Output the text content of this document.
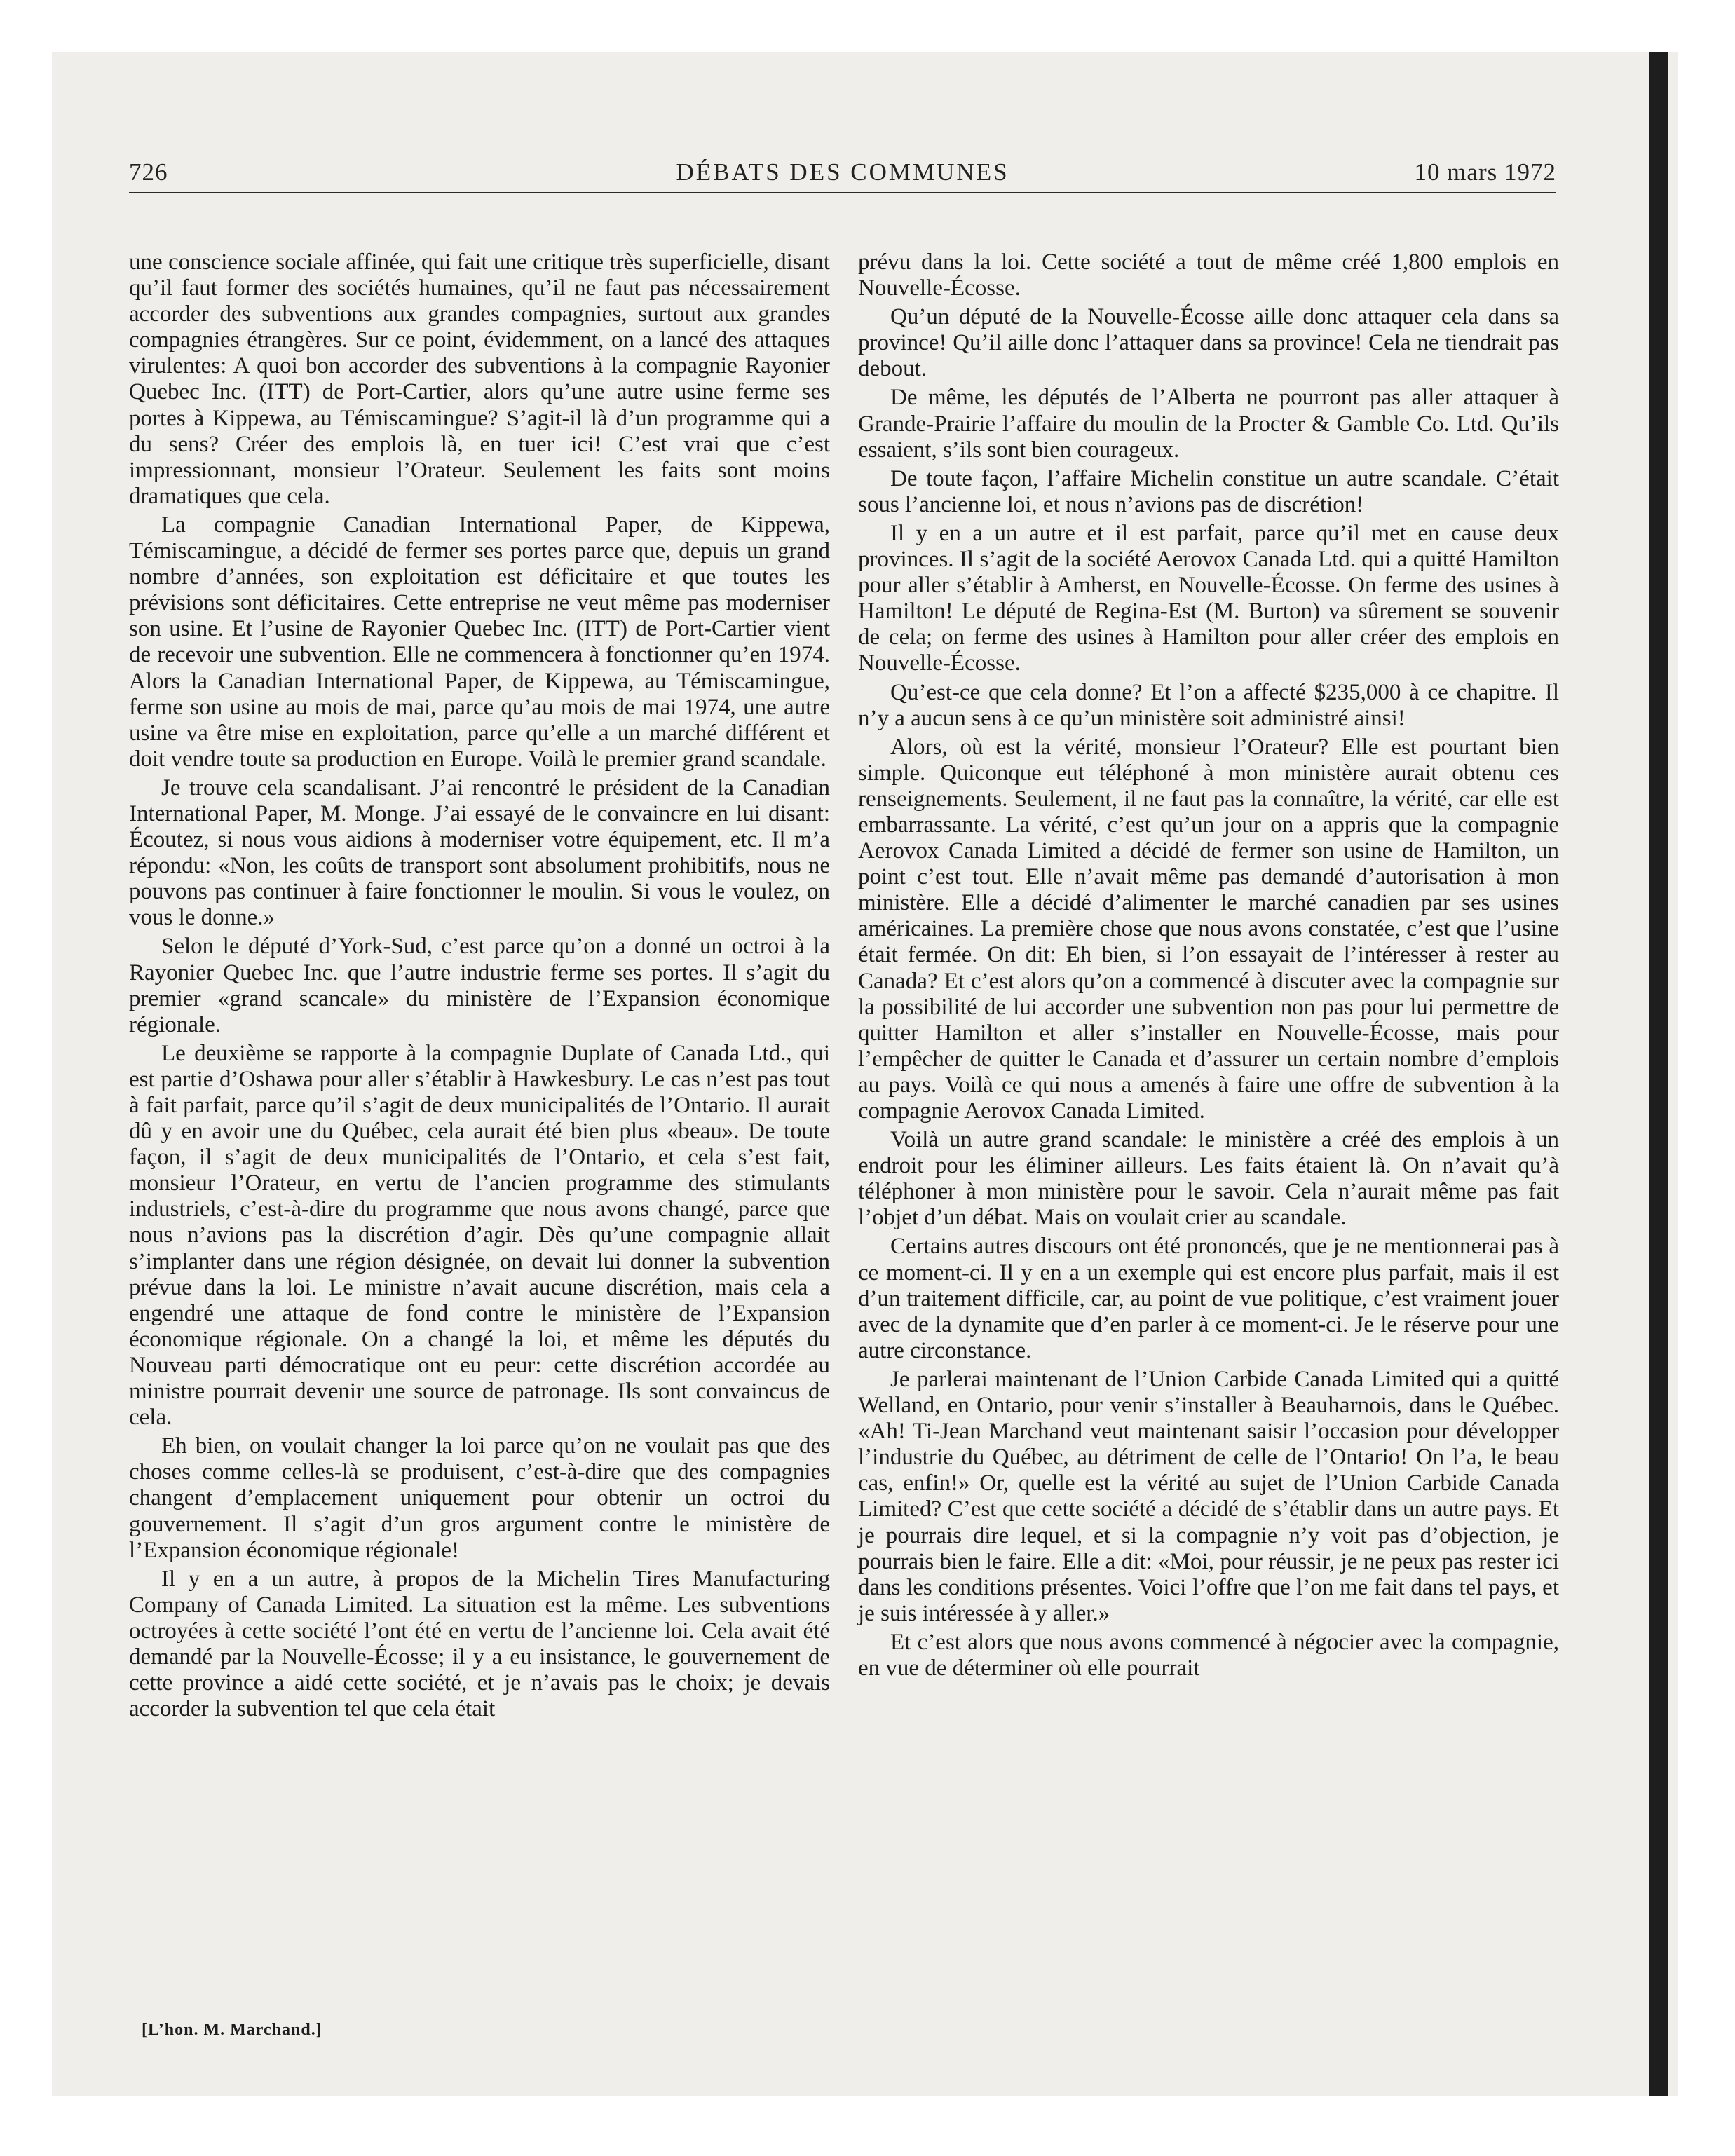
726	DÉBATS DES COMMUNES	10 mars 1972

une conscience sociale affinée, qui fait une critique très superficielle, disant qu’il faut former des sociétés humaines, qu’il ne faut pas nécessairement accorder des subventions aux grandes compagnies, surtout aux grandes compagnies étrangères. Sur ce point, évidemment, on a lancé des attaques virulentes: A quoi bon accorder des subventions à la compagnie Rayonier Quebec Inc. (ITT) de Port-Cartier, alors qu’une autre usine ferme ses portes à Kippewa, au Témiscamingue? S’agit-il là d’un programme qui a du sens? Créer des emplois là, en tuer ici! C’est vrai que c’est impressionnant, monsieur l’Orateur. Seulement les faits sont moins dramatiques que cela.

La compagnie Canadian International Paper, de Kippewa, Témiscamingue, a décidé de fermer ses portes parce que, depuis un grand nombre d’années, son exploitation est déficitaire et que toutes les prévisions sont déficitaires. Cette entreprise ne veut même pas moderniser son usine. Et l’usine de Rayonier Quebec Inc. (ITT) de Port-Cartier vient de recevoir une subvention. Elle ne commencera à fonctionner qu’en 1974. Alors la Canadian International Paper, de Kippewa, au Témiscamingue, ferme son usine au mois de mai, parce qu’au mois de mai 1974, une autre usine va être mise en exploitation, parce qu’elle a un marché différent et doit vendre toute sa production en Europe. Voilà le premier grand scandale.

Je trouve cela scandalisant. J’ai rencontré le président de la Canadian International Paper, M. Monge. J’ai essayé de le convaincre en lui disant: Écoutez, si nous vous aidions à moderniser votre équipement, etc. Il m’a répondu: «Non, les coûts de transport sont absolument prohibitifs, nous ne pouvons pas continuer à faire fonctionner le moulin. Si vous le voulez, on vous le donne.»

Selon le député d’York-Sud, c’est parce qu’on a donné un octroi à la Rayonier Quebec Inc. que l’autre industrie ferme ses portes. Il s’agit du premier «grand scancale» du ministère de l’Expansion économique régionale.

Le deuxième se rapporte à la compagnie Duplate of Canada Ltd., qui est partie d’Oshawa pour aller s’établir à Hawkesbury. Le cas n’est pas tout à fait parfait, parce qu’il s’agit de deux municipalités de l’Ontario. Il aurait dû y en avoir une du Québec, cela aurait été bien plus «beau». De toute façon, il s’agit de deux municipalités de l’Ontario, et cela s’est fait, monsieur l’Orateur, en vertu de l’ancien programme des stimulants industriels, c’est-à-dire du programme que nous avons changé, parce que nous n’avions pas la discrétion d’agir. Dès qu’une compagnie allait s’implanter dans une région désignée, on devait lui donner la subvention prévue dans la loi. Le ministre n’avait aucune discrétion, mais cela a engendré une attaque de fond contre le ministère de l’Expansion économique régionale. On a changé la loi, et même les députés du Nouveau parti démocratique ont eu peur: cette discrétion accordée au ministre pourrait devenir une source de patronage. Ils sont convaincus de cela.

Eh bien, on voulait changer la loi parce qu’on ne voulait pas que des choses comme celles-là se produisent, c’est-à-dire que des compagnies changent d’emplacement uniquement pour obtenir un octroi du gouvernement. Il s’agit d’un gros argument contre le ministère de l’Expansion économique régionale!

Il y en a un autre, à propos de la Michelin Tires Manufacturing Company of Canada Limited. La situation est la même. Les subventions octroyées à cette société l’ont été en vertu de l’ancienne loi. Cela avait été demandé par la Nouvelle-Écosse; il y a eu insistance, le gouvernement de cette province a aidé cette société, et je n’avais pas le choix; je devais accorder la subvention tel que cela était

prévu dans la loi. Cette société a tout de même créé 1,800 emplois en Nouvelle-Écosse.

Qu’un député de la Nouvelle-Écosse aille donc attaquer cela dans sa province! Qu’il aille donc l’attaquer dans sa province! Cela ne tiendrait pas debout.

De même, les députés de l’Alberta ne pourront pas aller attaquer à Grande-Prairie l’affaire du moulin de la Procter & Gamble Co. Ltd. Qu’ils essaient, s’ils sont bien courageux.

De toute façon, l’affaire Michelin constitue un autre scandale. C’était sous l’ancienne loi, et nous n’avions pas de discrétion!

Il y en a un autre et il est parfait, parce qu’il met en cause deux provinces. Il s’agit de la société Aerovox Canada Ltd. qui a quitté Hamilton pour aller s’établir à Amherst, en Nouvelle-Écosse. On ferme des usines à Hamilton! Le député de Regina-Est (M. Burton) va sûrement se souvenir de cela; on ferme des usines à Hamilton pour aller créer des emplois en Nouvelle-Écosse.

Qu’est-ce que cela donne? Et l’on a affecté $235,000 à ce chapitre. Il n’y a aucun sens à ce qu’un ministère soit administré ainsi!

Alors, où est la vérité, monsieur l’Orateur? Elle est pourtant bien simple. Quiconque eut téléphoné à mon ministère aurait obtenu ces renseignements. Seulement, il ne faut pas la connaître, la vérité, car elle est embarrassante. La vérité, c’est qu’un jour on a appris que la compagnie Aerovox Canada Limited a décidé de fermer son usine de Hamilton, un point c’est tout. Elle n’avait même pas demandé d’autorisation à mon ministère. Elle a décidé d’alimenter le marché canadien par ses usines américaines. La première chose que nous avons constatée, c’est que l’usine était fermée. On dit: Eh bien, si l’on essayait de l’intéresser à rester au Canada? Et c’est alors qu’on a commencé à discuter avec la compagnie sur la possibilité de lui accorder une subvention non pas pour lui permettre de quitter Hamilton et aller s’installer en Nouvelle-Écosse, mais pour l’empêcher de quitter le Canada et d’assurer un certain nombre d’emplois au pays. Voilà ce qui nous a amenés à faire une offre de subvention à la compagnie Aerovox Canada Limited.

Voilà un autre grand scandale: le ministère a créé des emplois à un endroit pour les éliminer ailleurs. Les faits étaient là. On n’avait qu’à téléphoner à mon ministère pour le savoir. Cela n’aurait même pas fait l’objet d’un débat. Mais on voulait crier au scandale.

Certains autres discours ont été prononcés, que je ne mentionnerai pas à ce moment-ci. Il y en a un exemple qui est encore plus parfait, mais il est d’un traitement difficile, car, au point de vue politique, c’est vraiment jouer avec de la dynamite que d’en parler à ce moment-ci. Je le réserve pour une autre circonstance.

Je parlerai maintenant de l’Union Carbide Canada Limited qui a quitté Welland, en Ontario, pour venir s’installer à Beauharnois, dans le Québec. «Ah! Ti-Jean Marchand veut maintenant saisir l’occasion pour développer l’industrie du Québec, au détriment de celle de l’Ontario! On l’a, le beau cas, enfin!» Or, quelle est la vérité au sujet de l’Union Carbide Canada Limited? C’est que cette société a décidé de s’établir dans un autre pays. Et je pourrais dire lequel, et si la compagnie n’y voit pas d’objection, je pourrais bien le faire. Elle a dit: «Moi, pour réussir, je ne peux pas rester ici dans les conditions présentes. Voici l’offre que l’on me fait dans tel pays, et je suis intéressée à y aller.»

Et c’est alors que nous avons commencé à négocier avec la compagnie, en vue de déterminer où elle pourrait

[L’hon. M. Marchand.]
